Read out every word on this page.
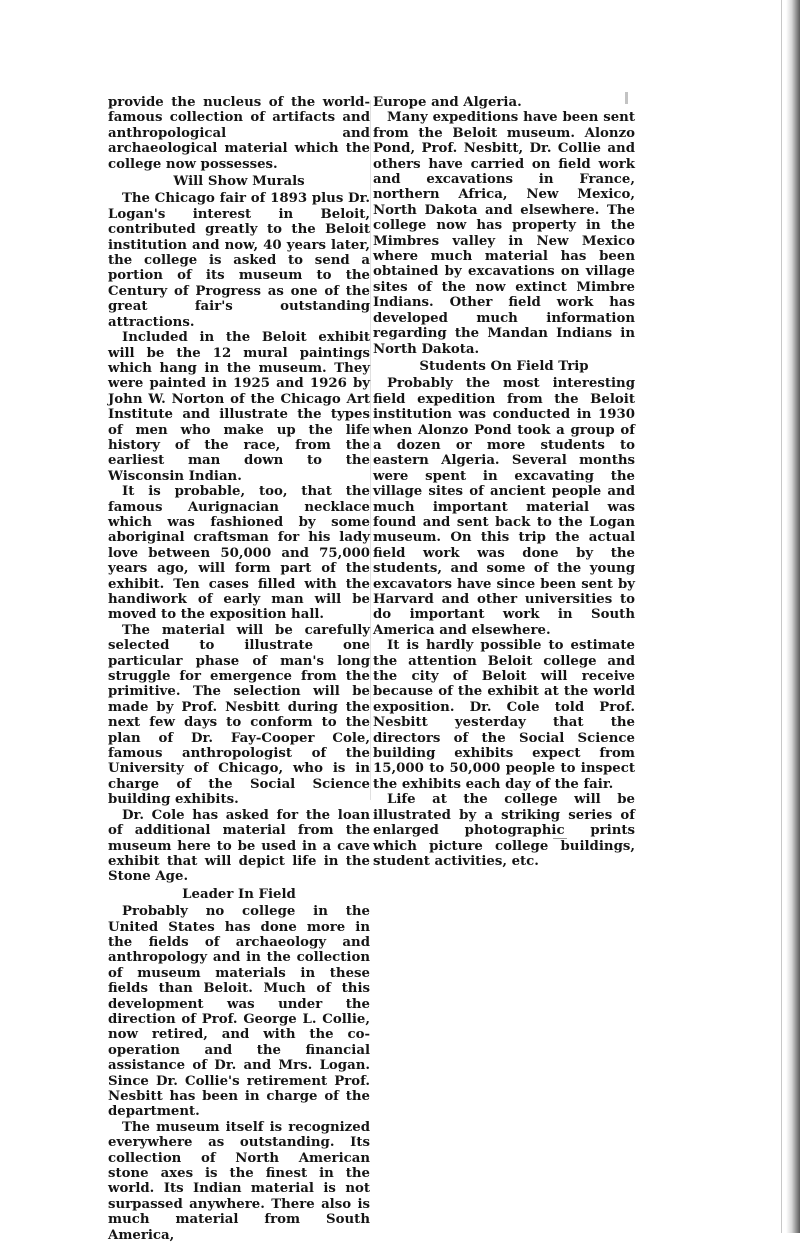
provide the nucleus of the world-famous collection of artifacts and anthropological and archaeological material which the college now possesses.

Will Show Murals

The Chicago fair of 1893 plus Dr. Logan's interest in Beloit, contributed greatly to the Beloit institution and now, 40 years later, the college is asked to send a portion of its museum to the Century of Progress as one of the great fair's outstanding attractions.

Included in the Beloit exhibit will be the 12 mural paintings which hang in the museum. They were painted in 1925 and 1926 by John W. Norton of the Chicago Art Institute and illustrate the types of men who make up the life history of the race, from the earliest man down to the Wisconsin Indian.

It is probable, too, that the famous Aurignacian necklace which was fashioned by some aboriginal craftsman for his lady love between 50,000 and 75,000 years ago, will form part of the exhibit. Ten cases filled with the handiwork of early man will be moved to the exposition hall.

The material will be carefully selected to illustrate one particular phase of man's long struggle for emergence from the primitive. The selection will be made by Prof. Nesbitt during the next few days to conform to the plan of Dr. Fay-Cooper Cole, famous anthropologist of the University of Chicago, who is in charge of the Social Science building exhibits.

Dr. Cole has asked for the loan of additional material from the museum here to be used in a cave exhibit that will depict life in the Stone Age.

Leader In Field

Probably no college in the United States has done more in the fields of archaeology and anthropology and in the collection of museum materials in these fields than Beloit. Much of this development was under the direction of Prof. George L. Collie, now retired, and with the co-operation and the financial assistance of Dr. and Mrs. Logan. Since Dr. Collie's retirement Prof. Nesbitt has been in charge of the department.

The museum itself is recognized everywhere as outstanding. Its collection of North American stone axes is the finest in the world. Its Indian material is not surpassed anywhere. There also is much material from South America,

Europe and Algeria.

Many expeditions have been sent from the Beloit museum. Alonzo Pond, Prof. Nesbitt, Dr. Collie and others have carried on field work and excavations in France, northern Africa, New Mexico, North Dakota and elsewhere. The college now has property in the Mimbres valley in New Mexico where much material has been obtained by excavations on village sites of the now extinct Mimbre Indians. Other field work has developed much information regarding the Mandan Indians in North Dakota.

Students On Field Trip

Probably the most interesting field expedition from the Beloit institution was conducted in 1930 when Alonzo Pond took a group of a dozen or more students to eastern Algeria. Several months were spent in excavating the village sites of ancient people and much important material was found and sent back to the Logan museum. On this trip the actual field work was done by the students, and some of the young excavators have since been sent by Harvard and other universities to do important work in South America and elsewhere.

It is hardly possible to estimate the attention Beloit college and the city of Beloit will receive because of the exhibit at the world exposition. Dr. Cole told Prof. Nesbitt yesterday that the directors of the Social Science building exhibits expect from 15,000 to 50,000 people to inspect the exhibits each day of the fair.

Life at the college will be illustrated by a striking series of enlarged photographic prints which picture college buildings, student activities, etc.
